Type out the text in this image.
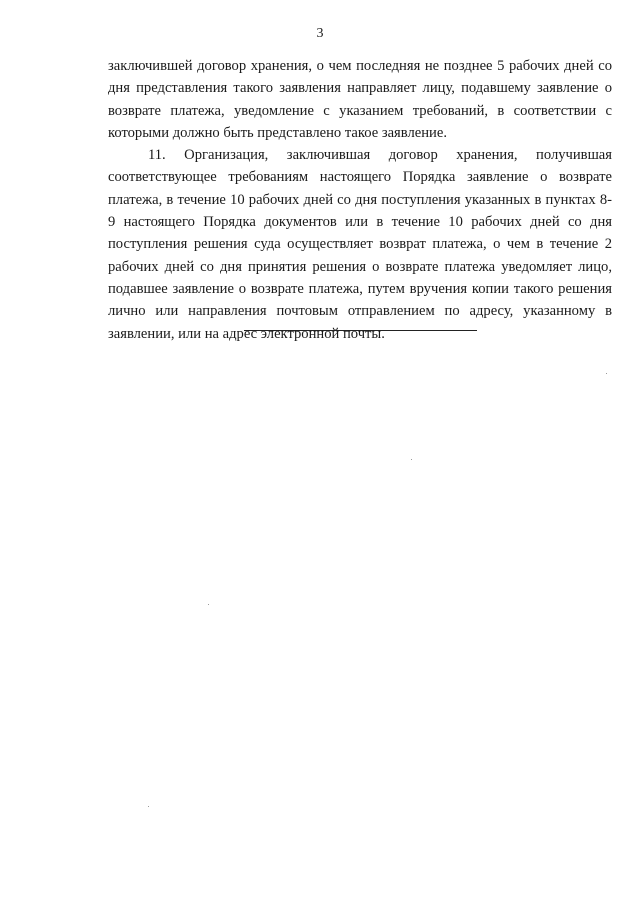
3

заключившей договор хранения, о чем последняя не позднее 5 рабочих дней со дня представления такого заявления направляет лицу, подавшему заявление о возврате платежа, уведомление с указанием требований, в соответствии с которыми должно быть представлено такое заявление.

11. Организация, заключившая договор хранения, получившая соответствующее требованиям настоящего Порядка заявление о возврате платежа, в течение 10 рабочих дней со дня поступления указанных в пунктах 8-9 настоящего Порядка документов или в течение 10 рабочих дней со дня поступления решения суда осуществляет возврат платежа, о чем в течение 2 рабочих дней со дня принятия решения о возврате платежа уведомляет лицо, подавшее заявление о возврате платежа, путем вручения копии такого решения лично или направления почтовым отправлением по адресу, указанному в заявлении, или на адрес электронной почты.
